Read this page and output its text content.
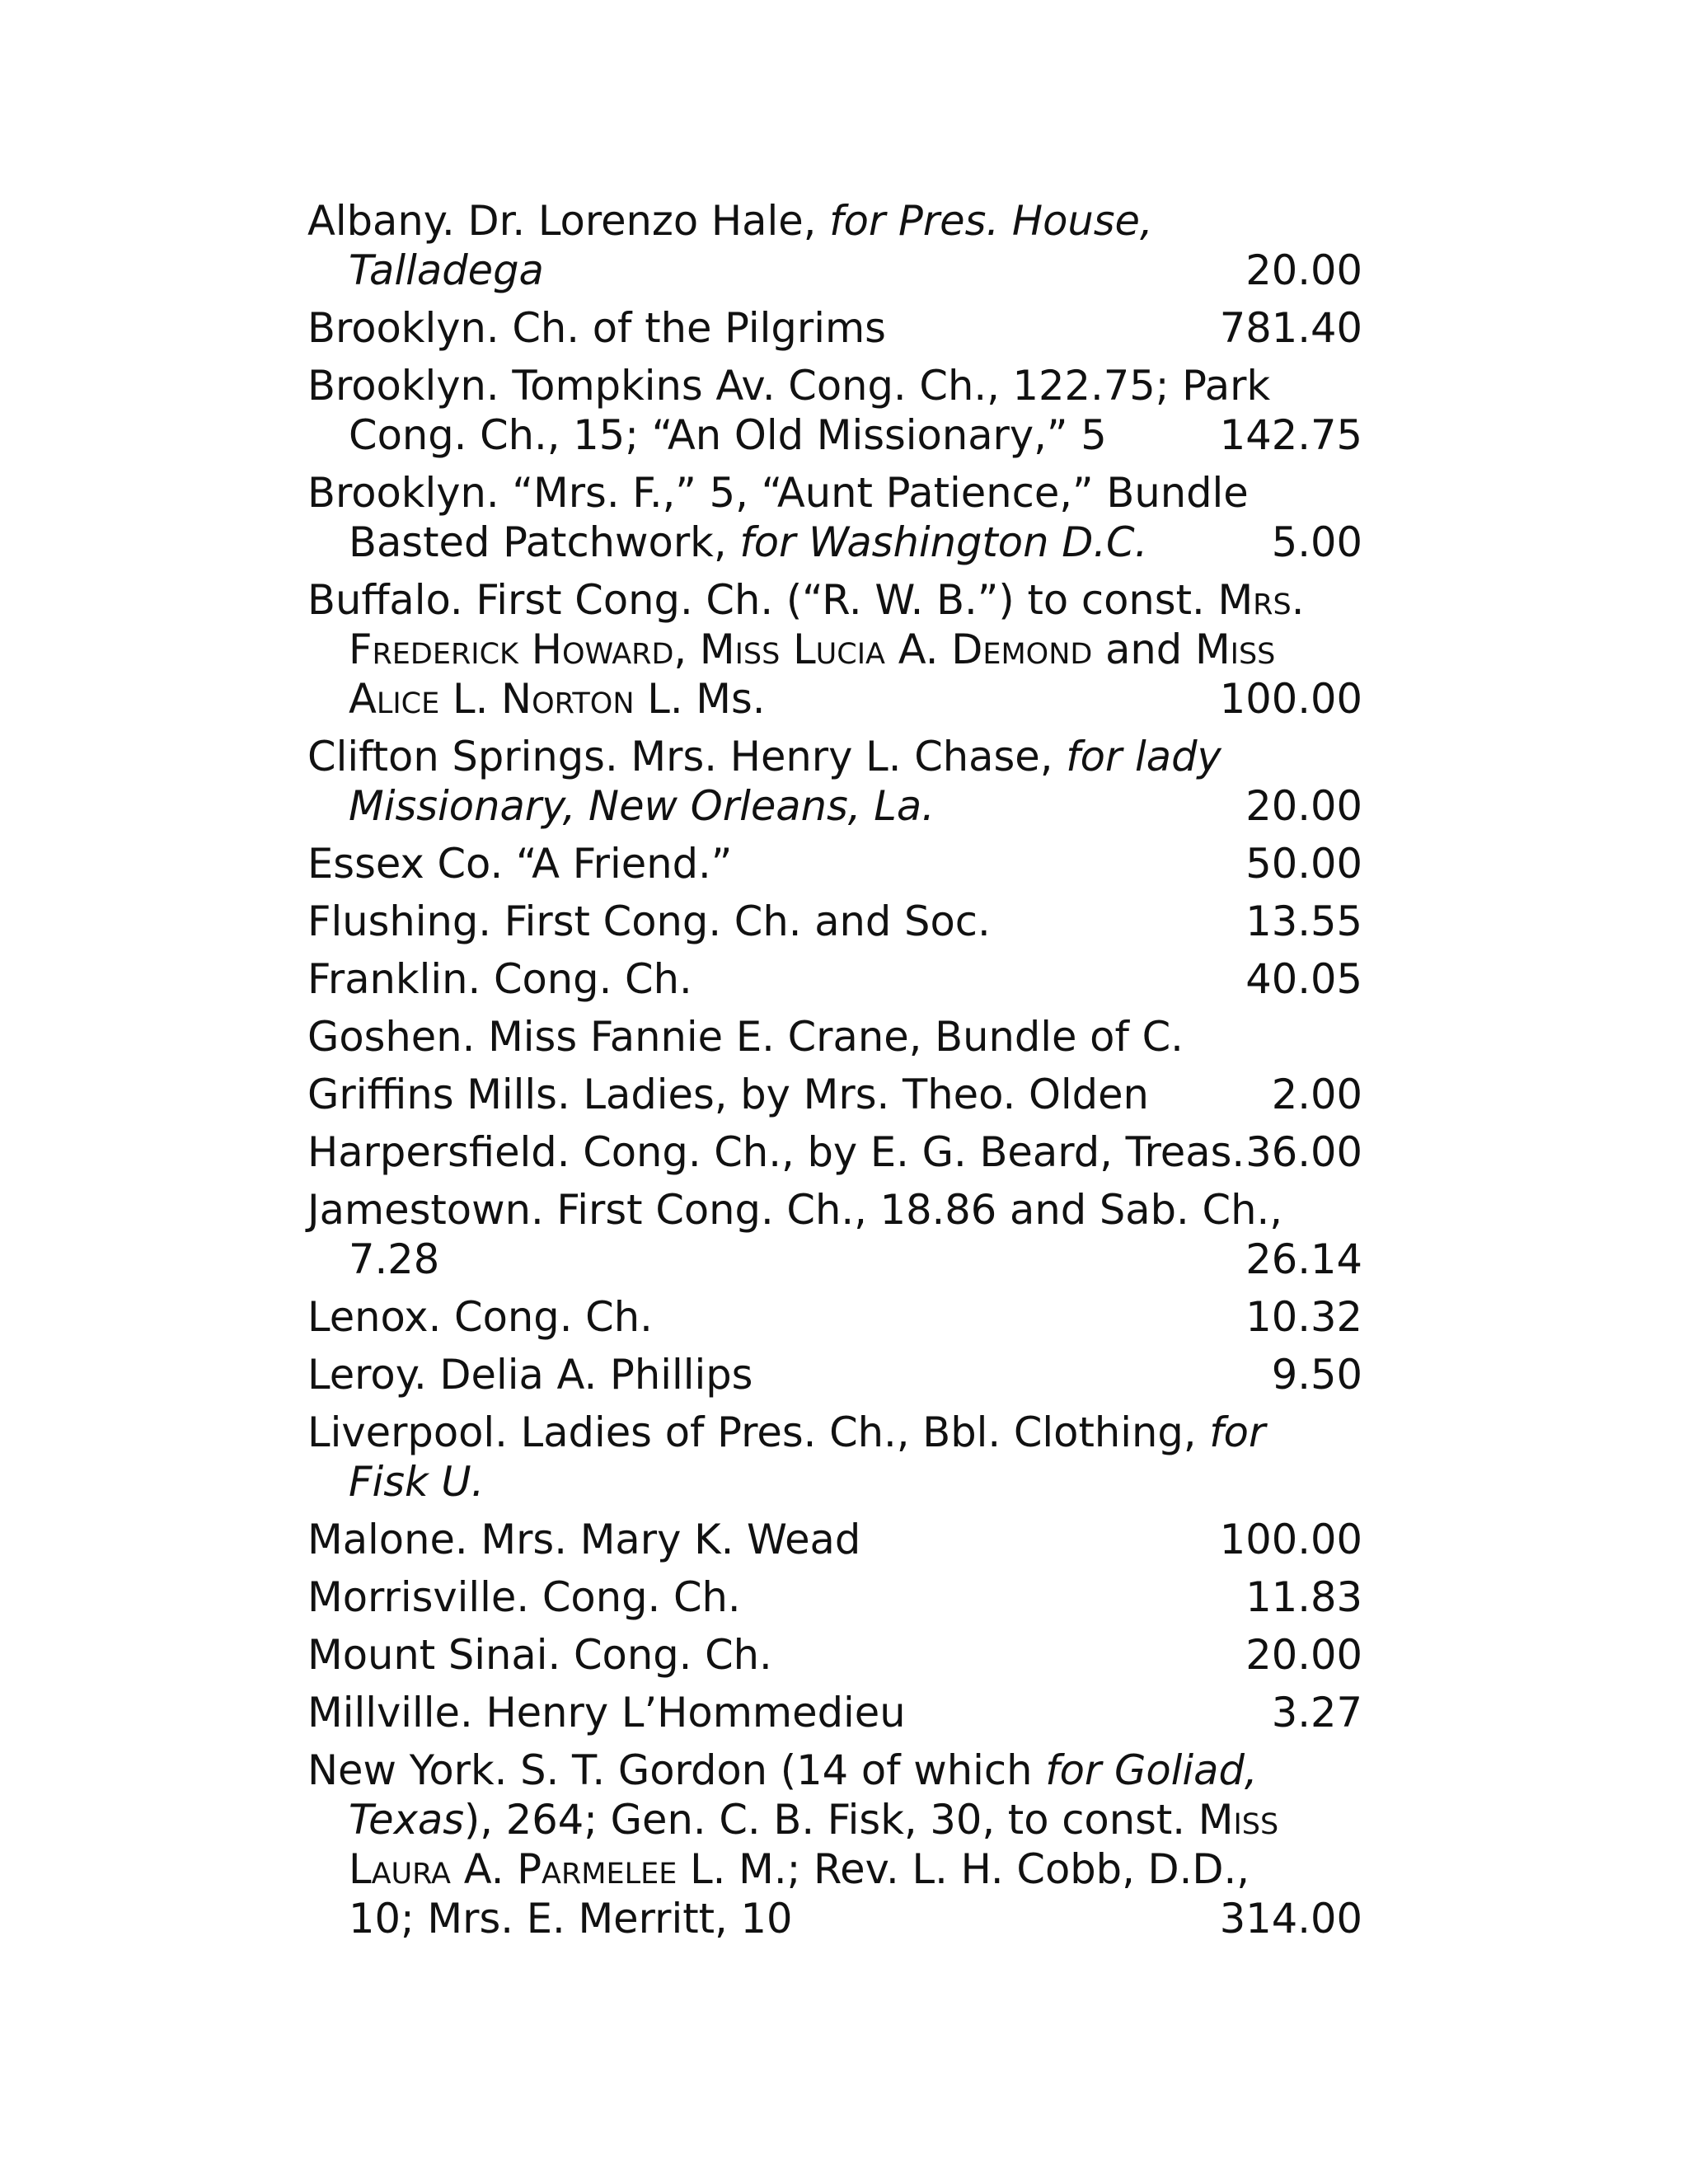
Albany. Dr. Lorenzo Hale, for Pres. House,
Talladega	20.00
Brooklyn. Ch. of the Pilgrims	781.40
Brooklyn. Tompkins Av. Cong. Ch., 122.75; Park
Cong. Ch., 15; “An Old Missionary,” 5	142.75
Brooklyn. “Mrs. F.,” 5, “Aunt Patience,” Bundle
Basted Patchwork, for Washington D.C.	5.00
Buffalo. First Cong. Ch. (“R. W. B.”) to const. Mrs.
Frederick Howard, Miss Lucia A. Demond and Miss
Alice L. Norton L. Ms.	100.00
Clifton Springs. Mrs. Henry L. Chase, for lady
Missionary, New Orleans, La.	20.00
Essex Co. “A Friend.”	50.00
Flushing. First Cong. Ch. and Soc.	13.55
Franklin. Cong. Ch.	40.05
Goshen. Miss Fannie E. Crane, Bundle of C.
Griffins Mills. Ladies, by Mrs. Theo. Olden	2.00
Harpersfield. Cong. Ch., by E. G. Beard, Treas. 36.00
Jamestown. First Cong. Ch., 18.86 and Sab. Ch.,
7.28	26.14
Lenox. Cong. Ch.	10.32
Leroy. Delia A. Phillips	9.50
Liverpool. Ladies of Pres. Ch., Bbl. Clothing, for
Fisk U.
Malone. Mrs. Mary K. Wead	100.00
Morrisville. Cong. Ch.	11.83
Mount Sinai. Cong. Ch.	20.00
Millville. Henry L’Hommedieu	3.27
New York. S. T. Gordon (14 of which for Goliad,
Texas), 264; Gen. C. B. Fisk, 30, to const. Miss
Laura A. Parmelee L. M.; Rev. L. H. Cobb, D.D.,
10; Mrs. E. Merritt, 10	314.00
